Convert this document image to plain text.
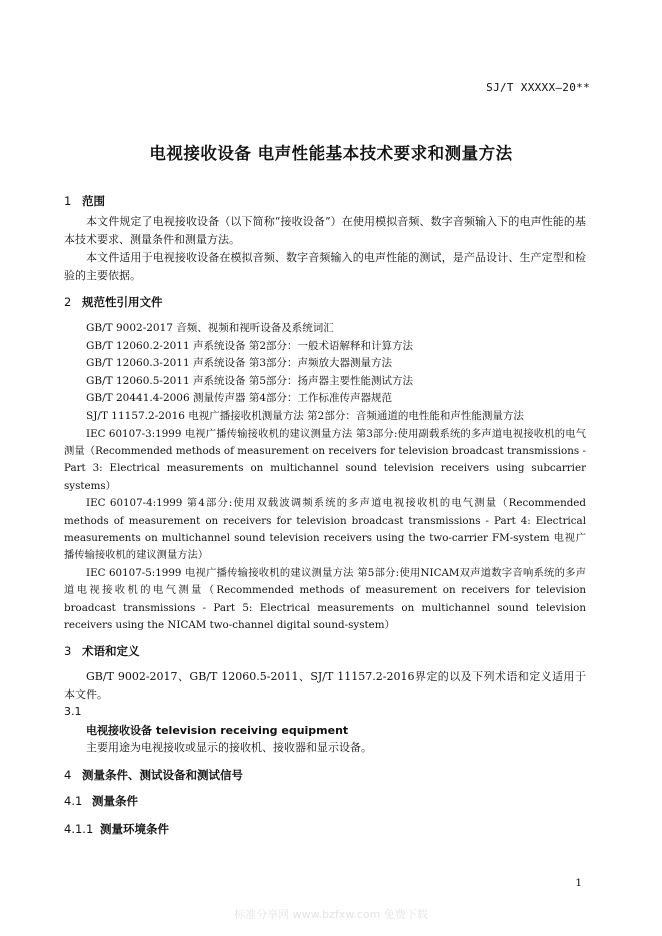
SJ/T XXXXX—20**
电视接收设备 电声性能基本技术要求和测量方法
1 范围

本文件规定了电视接收设备（以下简称“接收设备”）在使用模拟音频、数字音频输入下的电声性能的基本技术要求、测量条件和测量方法。

本文件适用于电视接收设备在模拟音频、数字音频输入的电声性能的测试，是产品设计、生产定型和检验的主要依据。

2 规范性引用文件
GB/T 9002-2017 音频、视频和视听设备及系统词汇
GB/T 12060.2-2011 声系统设备 第2部分：一般术语解释和计算方法
GB/T 12060.3-2011 声系统设备 第3部分：声频放大器测量方法
GB/T 12060.5-2011 声系统设备 第5部分：扬声器主要性能测试方法
GB/T 20441.4-2006 测量传声器 第4部分：工作标准传声器规范
SJ/T 11157.2-2016 电视广播接收机测量方法 第2部分：音频通道的电性能和声性能测量方法

IEC 60107-3:1999 电视广播传输接收机的建议测量方法 第3部分:使用副载系统的多声道电视接收机的电气测量（Recommended methods of measurement on receivers for television broadcast transmissions - Part 3: Electrical measurements on multichannel sound television receivers using subcarrier systems）

IEC 60107-4:1999 第4部分:使用双载波调频系统的多声道电视接收机的电气测量（Recommended methods of measurement on receivers for television broadcast transmissions - Part 4: Electrical measurements on multichannel sound television receivers using the two-carrier FM-system 电视广播传输接收机的建议测量方法）

IEC 60107-5:1999 电视广播传输接收机的建议测量方法 第5部分:使用NICAM双声道数字音响系统的多声道电视接收机的电气测量（Recommended methods of measurement on receivers for television broadcast transmissions - Part 5: Electrical measurements on multichannel sound television receivers using the NICAM two-channel digital sound-system）

3 术语和定义

GB/T 9002-2017、GB/T 12060.5-2011、SJ/T 11157.2-2016界定的以及下列术语和定义适用于本文件。

3.1
电视接收设备 television receiving equipment

主要用途为电视接收或显示的接收机、接收器和显示设备。

4 测量条件、测试设备和测试信号
4.1 测量条件
4.1.1 测量环境条件
1
标准分享网 www.bzfxw.com 免费下载
